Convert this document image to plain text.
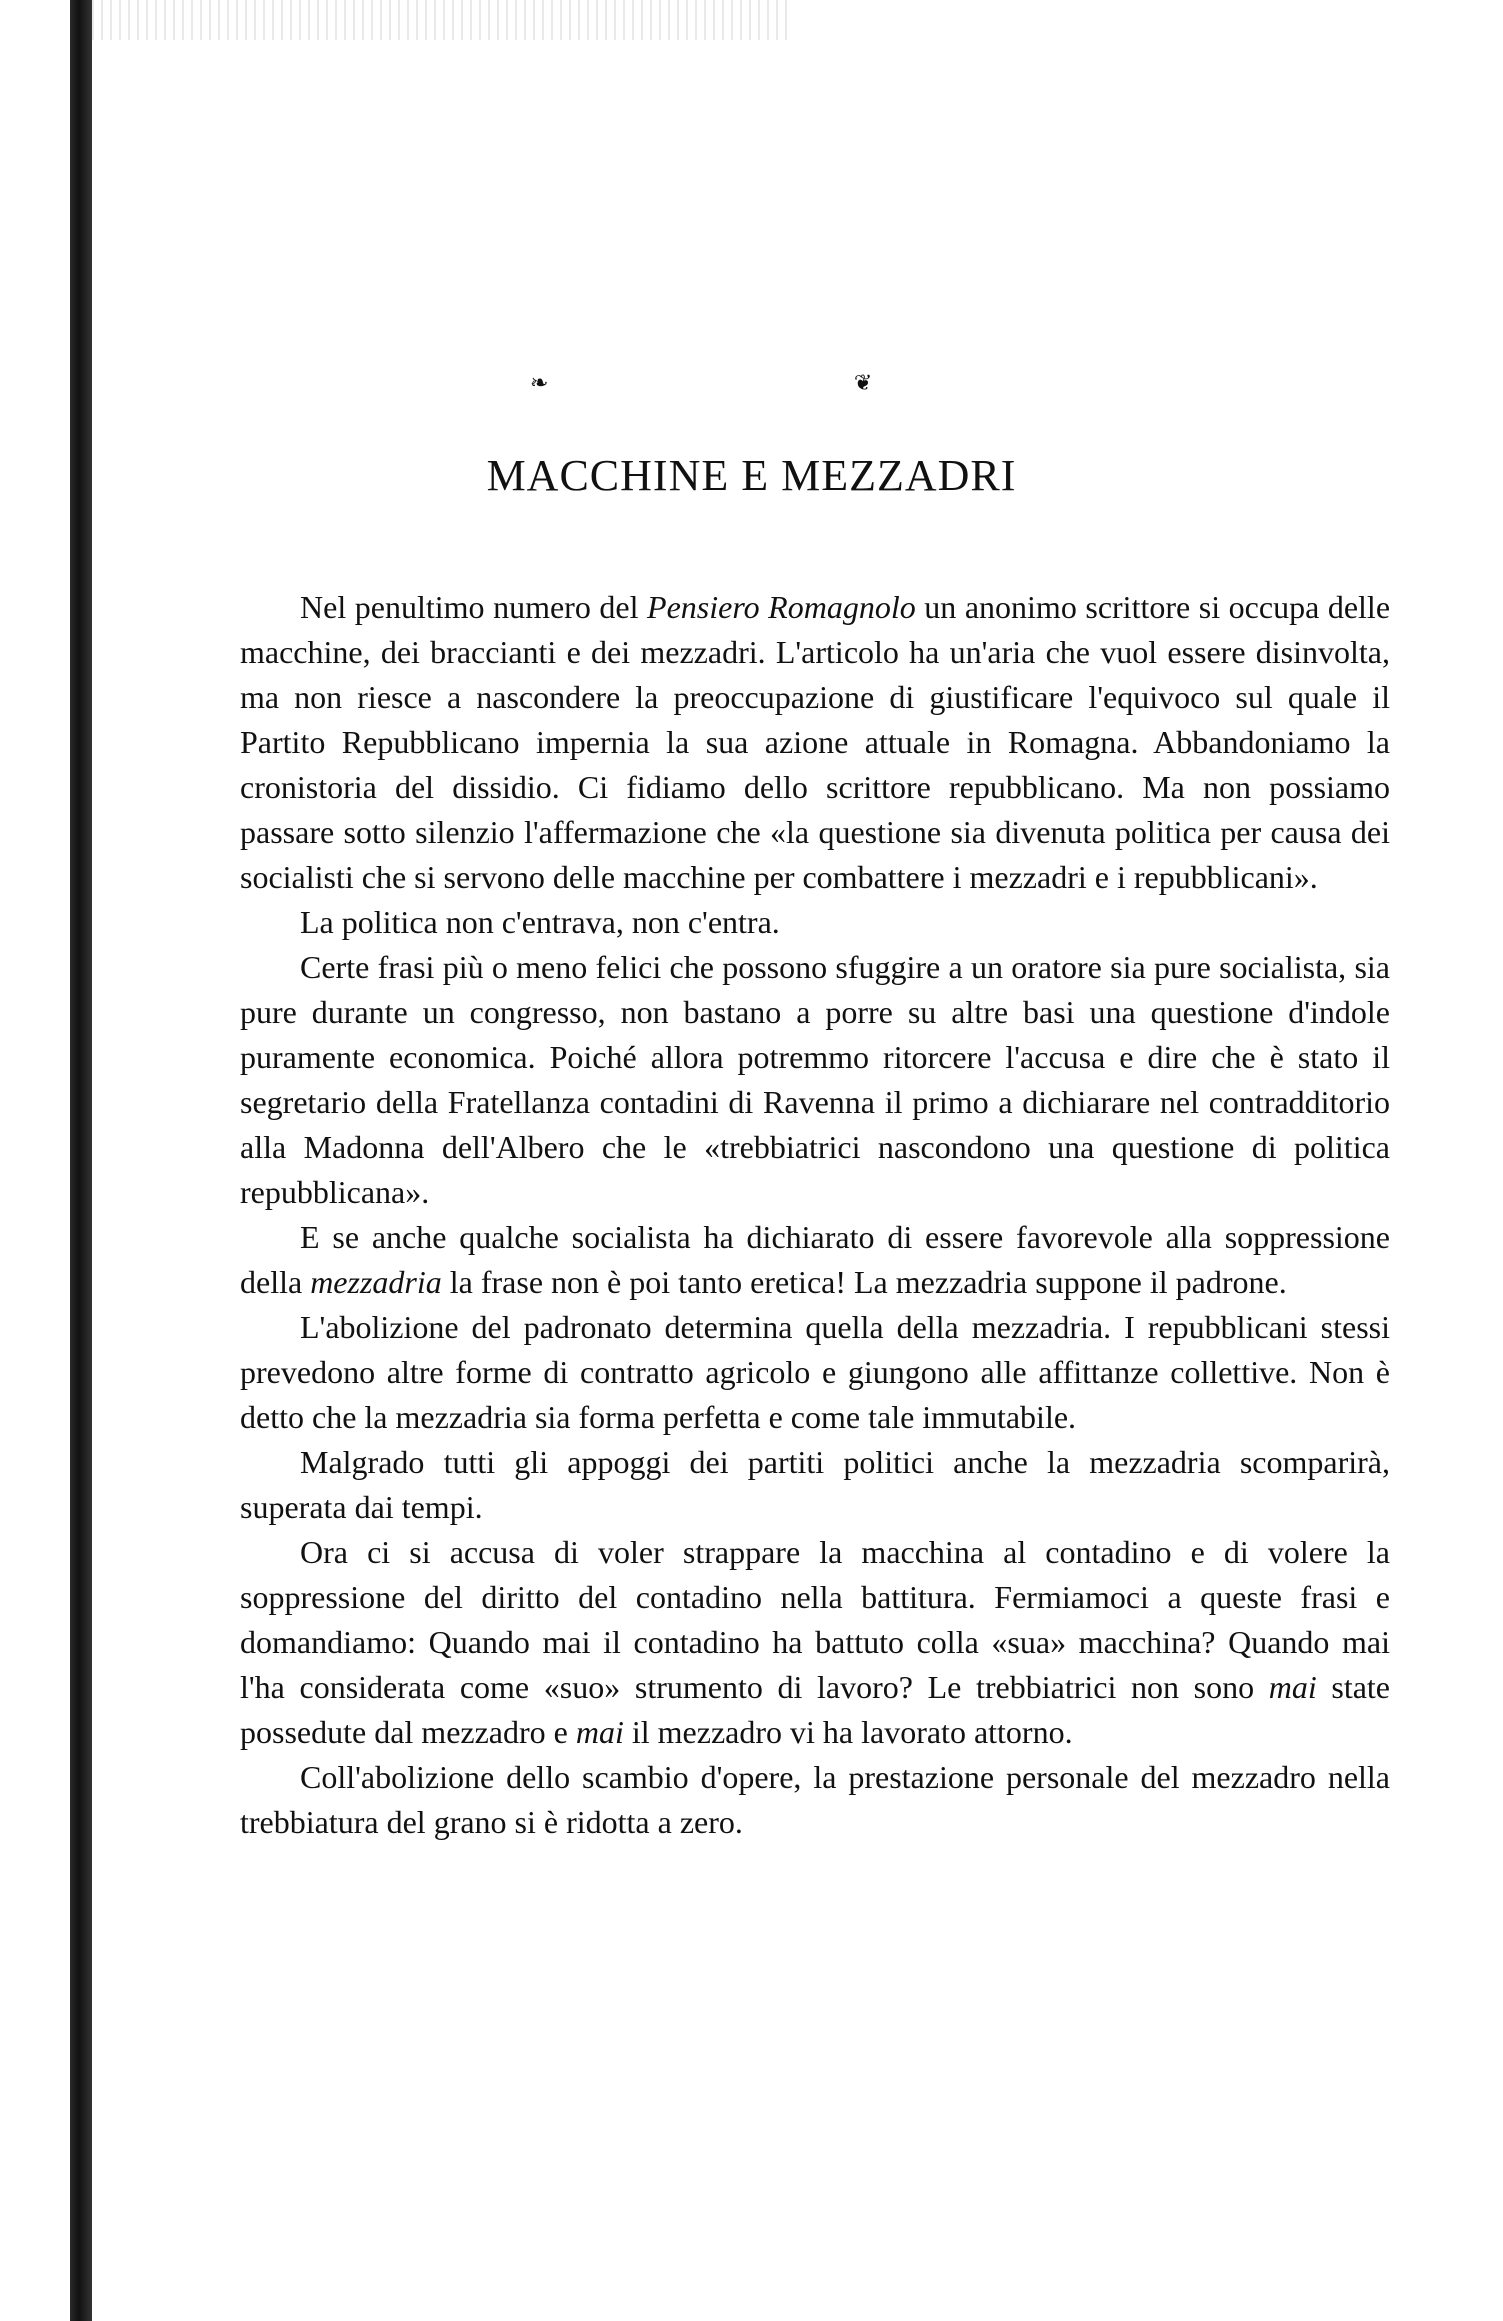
❧ ❦
MACCHINE E MEZZADRI

Nel penultimo numero del Pensiero Romagnolo un anonimo scrittore si occupa delle macchine, dei braccianti e dei mezzadri. L'articolo ha un'aria che vuol essere disinvolta, ma non riesce a nascondere la preoccupazione di giustificare l'equivoco sul quale il Partito Repubblicano impernia la sua azione attuale in Romagna. Abbandoniamo la cronistoria del dissidio. Ci fidiamo dello scrittore repubblicano. Ma non possiamo passare sotto silenzio l'affermazione che «la questione sia divenuta politica per causa dei socialisti che si servono delle macchine per combattere i mezzadri e i repubblicani».

La politica non c'entrava, non c'entra.

Certe frasi più o meno felici che possono sfuggire a un oratore sia pure socialista, sia pure durante un congresso, non bastano a porre su altre basi una questione d'indole puramente economica. Poiché allora potremmo ritorcere l'accusa e dire che è stato il segretario della Fratellanza contadini di Ravenna il primo a dichiarare nel contradditorio alla Madonna dell'Albero che le «trebbiatrici nascondono una questione di politica repubblicana».

E se anche qualche socialista ha dichiarato di essere favorevole alla soppressione della mezzadria la frase non è poi tanto eretica! La mezzadria suppone il padrone.

L'abolizione del padronato determina quella della mezzadria. I repubblicani stessi prevedono altre forme di contratto agricolo e giungono alle affittanze collettive. Non è detto che la mezzadria sia forma perfetta e come tale immutabile.

Malgrado tutti gli appoggi dei partiti politici anche la mezzadria scomparirà, superata dai tempi.

Ora ci si accusa di voler strappare la macchina al contadino e di volere la soppressione del diritto del contadino nella battitura. Fermiamoci a queste frasi e domandiamo: Quando mai il contadino ha battuto colla «sua» macchina? Quando mai l'ha considerata come «suo» strumento di lavoro? Le trebbiatrici non sono mai state possedute dal mezzadro e mai il mezzadro vi ha lavorato attorno.

Coll'abolizione dello scambio d'opere, la prestazione personale del mezzadro nella trebbiatura del grano si è ridotta a zero.
